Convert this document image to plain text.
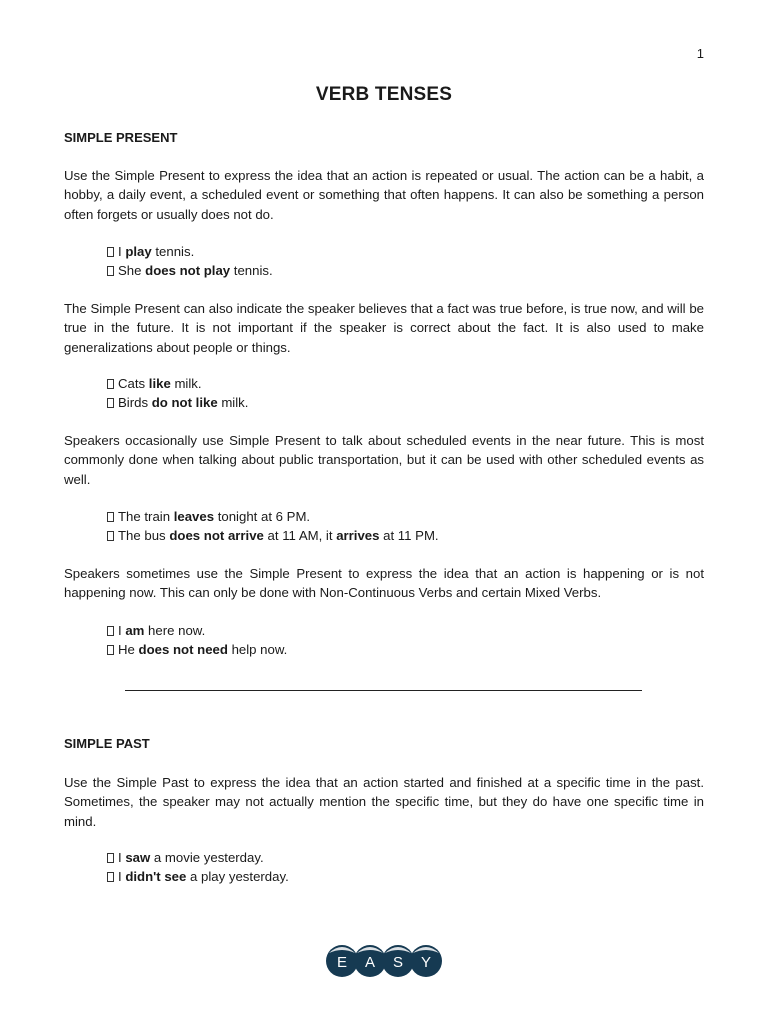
1
VERB TENSES
SIMPLE PRESENT

Use the Simple Present to express the idea that an action is repeated or usual. The action can be a habit, a hobby, a daily event, a scheduled event or something that often happens. It can also be something a person often forgets or usually does not do.

I play tennis.
She does not play tennis.

The Simple Present can also indicate the speaker believes that a fact was true before, is true now, and will be true in the future. It is not important if the speaker is correct about the fact. It is also used to make generalizations about people or things.

Cats like milk.
Birds do not like milk.

Speakers occasionally use Simple Present to talk about scheduled events in the near future. This is most commonly done when talking about public transportation, but it can be used with other scheduled events as well.

The train leaves tonight at 6 PM.
The bus does not arrive at 11 AM, it arrives at 11 PM.

Speakers sometimes use the Simple Present to express the idea that an action is happening or is not happening now. This can only be done with Non-Continuous Verbs and certain Mixed Verbs.

I am here now.
He does not need help now.
SIMPLE PAST

Use the Simple Past to express the idea that an action started and finished at a specific time in the past. Sometimes, the speaker may not actually mention the specific time, but they do have one specific time in mind.

I saw a movie yesterday.
I didn't see a play yesterday.
E A S Y
